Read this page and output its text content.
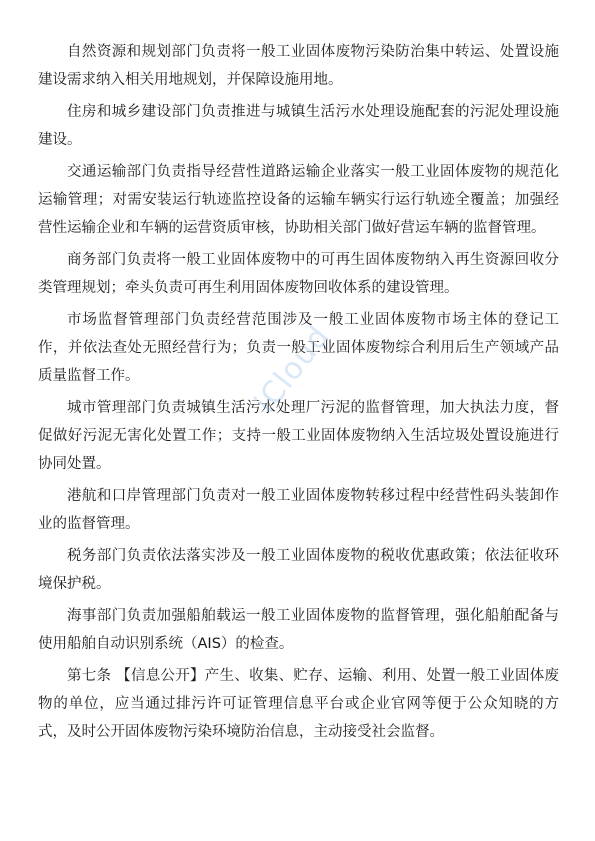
自然资源和规划部门负责将一般工业固体废物污染防治集中转运、处置设施建设需求纳入相关用地规划，并保障设施用地。

住房和城乡建设部门负责推进与城镇生活污水处理设施配套的污泥处理设施建设。

交通运输部门负责指导经营性道路运输企业落实一般工业固体废物的规范化运输管理；对需安装运行轨迹监控设备的运输车辆实行运行轨迹全覆盖；加强经营性运输企业和车辆的运营资质审核，协助相关部门做好营运车辆的监督管理。

商务部门负责将一般工业固体废物中的可再生固体废物纳入再生资源回收分类管理规划；牵头负责可再生利用固体废物回收体系的建设管理。

市场监督管理部门负责经营范围涉及一般工业固体废物市场主体的登记工作，并依法查处无照经营行为；负责一般工业固体废物综合利用后生产领域产品质量监督工作。

城市管理部门负责城镇生活污水处理厂污泥的监督管理，加大执法力度，督促做好污泥无害化处置工作；支持一般工业固体废物纳入生活垃圾处置设施进行协同处置。

港航和口岸管理部门负责对一般工业固体废物转移过程中经营性码头装卸作业的监督管理。

税务部门负责依法落实涉及一般工业固体废物的税收优惠政策；依法征收环境保护税。

海事部门负责加强船舶载运一般工业固体废物的监督管理，强化船舶配备与使用船舶自动识别系统（AIS）的检查。

第七条 【信息公开】产生、收集、贮存、运输、利用、处置一般工业固体废物的单位，应当通过排污许可证管理信息平台或企业官网等便于公众知晓的方式，及时公开固体废物污染环境防治信息，主动接受社会监督。

iCloud
